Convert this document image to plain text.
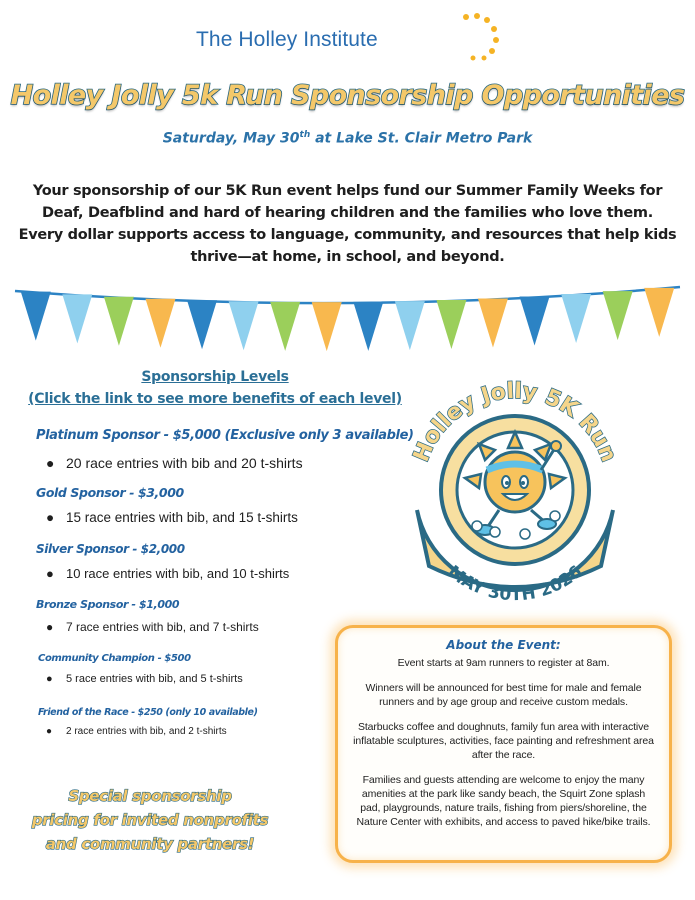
The Holley Institute
Holley Jolly 5k Run Sponsorship Opportunities
Saturday, May 30th at Lake St. Clair Metro Park
Your sponsorship of our 5K Run event helps fund our Summer Family Weeks for
Deaf, Deafblind and hard of hearing children and the families who love them.
Every dollar supports access to language, community, and resources that help kids
thrive—at home, in school, and beyond.
Sponsorship Levels
(Click the link to see more benefits of each level)
Platinum Sponsor - $5,000 (Exclusive only 3 available)
● 20 race entries with bib and 20 t-shirts
Gold Sponsor - $3,000
● 15 race entries with bib, and 15 t-shirts
Silver Sponsor - $2,000
● 10 race entries with bib, and 10 t-shirts
Bronze Sponsor - $1,000
● 7 race entries with bib, and 7 t-shirts
Community Champion - $500
● 5 race entries with bib, and 5 t-shirts
Friend of the Race - $250 (only 10 available)
● 2 race entries with bib, and 2 t-shirts
Holley Jolly 5K Run
MAY 30TH 2026
About the Event:

Event starts at 9am runners to register at 8am.

Winners will be announced for best time for male and female runners and by age group and receive custom medals.

Starbucks coffee and doughnuts, family fun area with interactive inflatable sculptures, activities, face painting and refreshment area after the race.

Families and guests attending are welcome to enjoy the many amenities at the park like sandy beach, the Squirt Zone splash pad, playgrounds, nature trails, fishing from piers/shoreline, the Nature Center with exhibits, and access to paved hike/bike trails.

Special sponsorship
pricing for invited nonprofits
and community partners!
